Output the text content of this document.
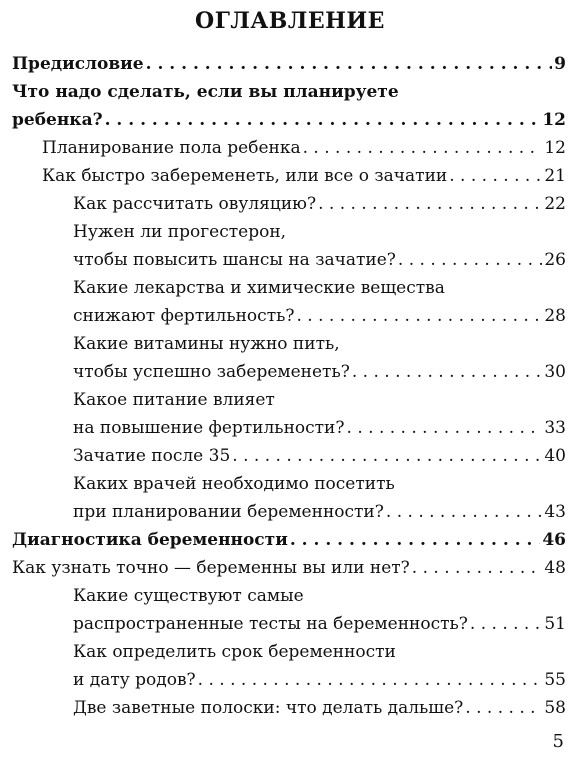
ОГЛАВЛЕНИЕ
Предисловие . . .	9
Что надо сделать, если вы планируете
ребенка? . . .	12
Планирование пола ребенка . . .	12
Как быстро забеременеть, или все о зачатии . . .	21
Как рассчитать овуляцию? . . .	22
Нужен ли прогестерон,
чтобы повысить шансы на зачатие? . . .	26
Какие лекарства и химические вещества
снижают фертильность? . . .	28
Какие витамины нужно пить,
чтобы успешно забеременеть? . . .	30
Какое питание влияет
на повышение фертильности? . . .	33
Зачатие после 35 . . .	40
Каких врачей необходимо посетить
при планировании беременности? . . .	43
Диагностика беременности . . .	46
Как узнать точно — беременны вы или нет? . . .	48
Какие существуют самые
распространенные тесты на беременность? . . .	51
Как определить срок беременности
и дату родов? . . .	55
Две заветные полоски: что делать дальше? . . .	58
5
